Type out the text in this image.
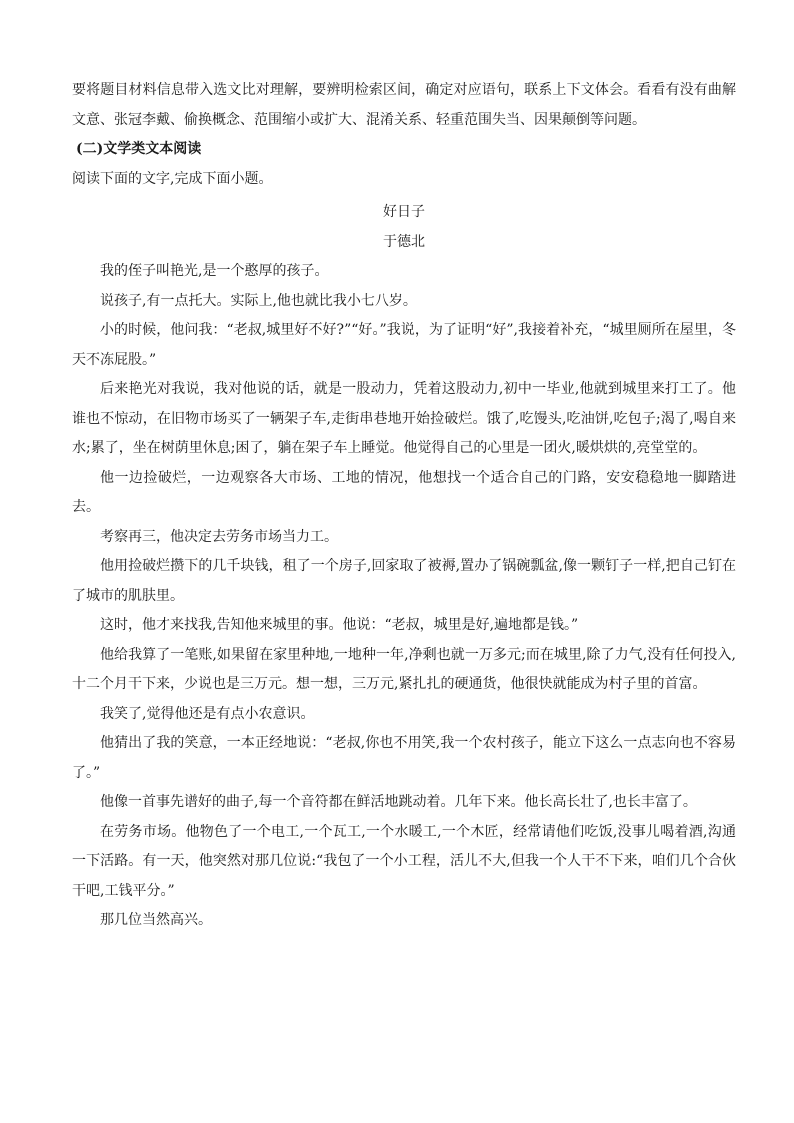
要将题目材料信息带入选文比对理解，要辨明检索区间，确定对应语句，联系上下文体会。看看有没有曲解文意、张冠李戴、偷换概念、范围缩小或扩大、混淆关系、轻重范围失当、因果颠倒等问题。

(二)文学类文本阅读

阅读下面的文字,完成下面小题。

好日子

于德北

我的侄子叫艳光,是一个憨厚的孩子。

说孩子,有一点托大。实际上,他也就比我小七八岁。

小的时候，他问我：“老叔,城里好不好?”“好。”我说，为了证明“好”,我接着补充，“城里厕所在屋里，冬天不冻屁股。”

后来艳光对我说，我对他说的话，就是一股动力，凭着这股动力,初中一毕业,他就到城里来打工了。他谁也不惊动，在旧物市场买了一辆架子车,走街串巷地开始捡破烂。饿了,吃馒头,吃油饼,吃包子;渴了,喝自来水;累了，坐在树荫里休息;困了，躺在架子车上睡觉。他觉得自己的心里是一团火,暖烘烘的,亮堂堂的。

他一边捡破烂，一边观察各大市场、工地的情况，他想找一个适合自己的门路，安安稳稳地一脚踏进去。

考察再三，他决定去劳务市场当力工。

他用捡破烂攒下的几千块钱，租了一个房子,回家取了被褥,置办了锅碗瓢盆,像一颗钉子一样,把自己钉在了城市的肌肤里。

这时，他才来找我,告知他来城里的事。他说：“老叔，城里是好,遍地都是钱。”

他给我算了一笔账,如果留在家里种地,一地种一年,净剩也就一万多元;而在城里,除了力气,没有任何投入,十二个月干下来，少说也是三万元。想一想，三万元,紧扎扎的硬通货，他很快就能成为村子里的首富。

我笑了,觉得他还是有点小农意识。

他猜出了我的笑意，一本正经地说：“老叔,你也不用笑,我一个农村孩子，能立下这么一点志向也不容易了。”

他像一首事先谱好的曲子,每一个音符都在鲜活地跳动着。几年下来。他长高长壮了,也长丰富了。

在劳务市场。他物色了一个电工,一个瓦工,一个水暖工,一个木匠，经常请他们吃饭,没事儿喝着酒,沟通一下活路。有一天，他突然对那几位说:“我包了一个小工程，活儿不大,但我一个人干不下来，咱们几个合伙干吧,工钱平分。”

那几位当然高兴。
